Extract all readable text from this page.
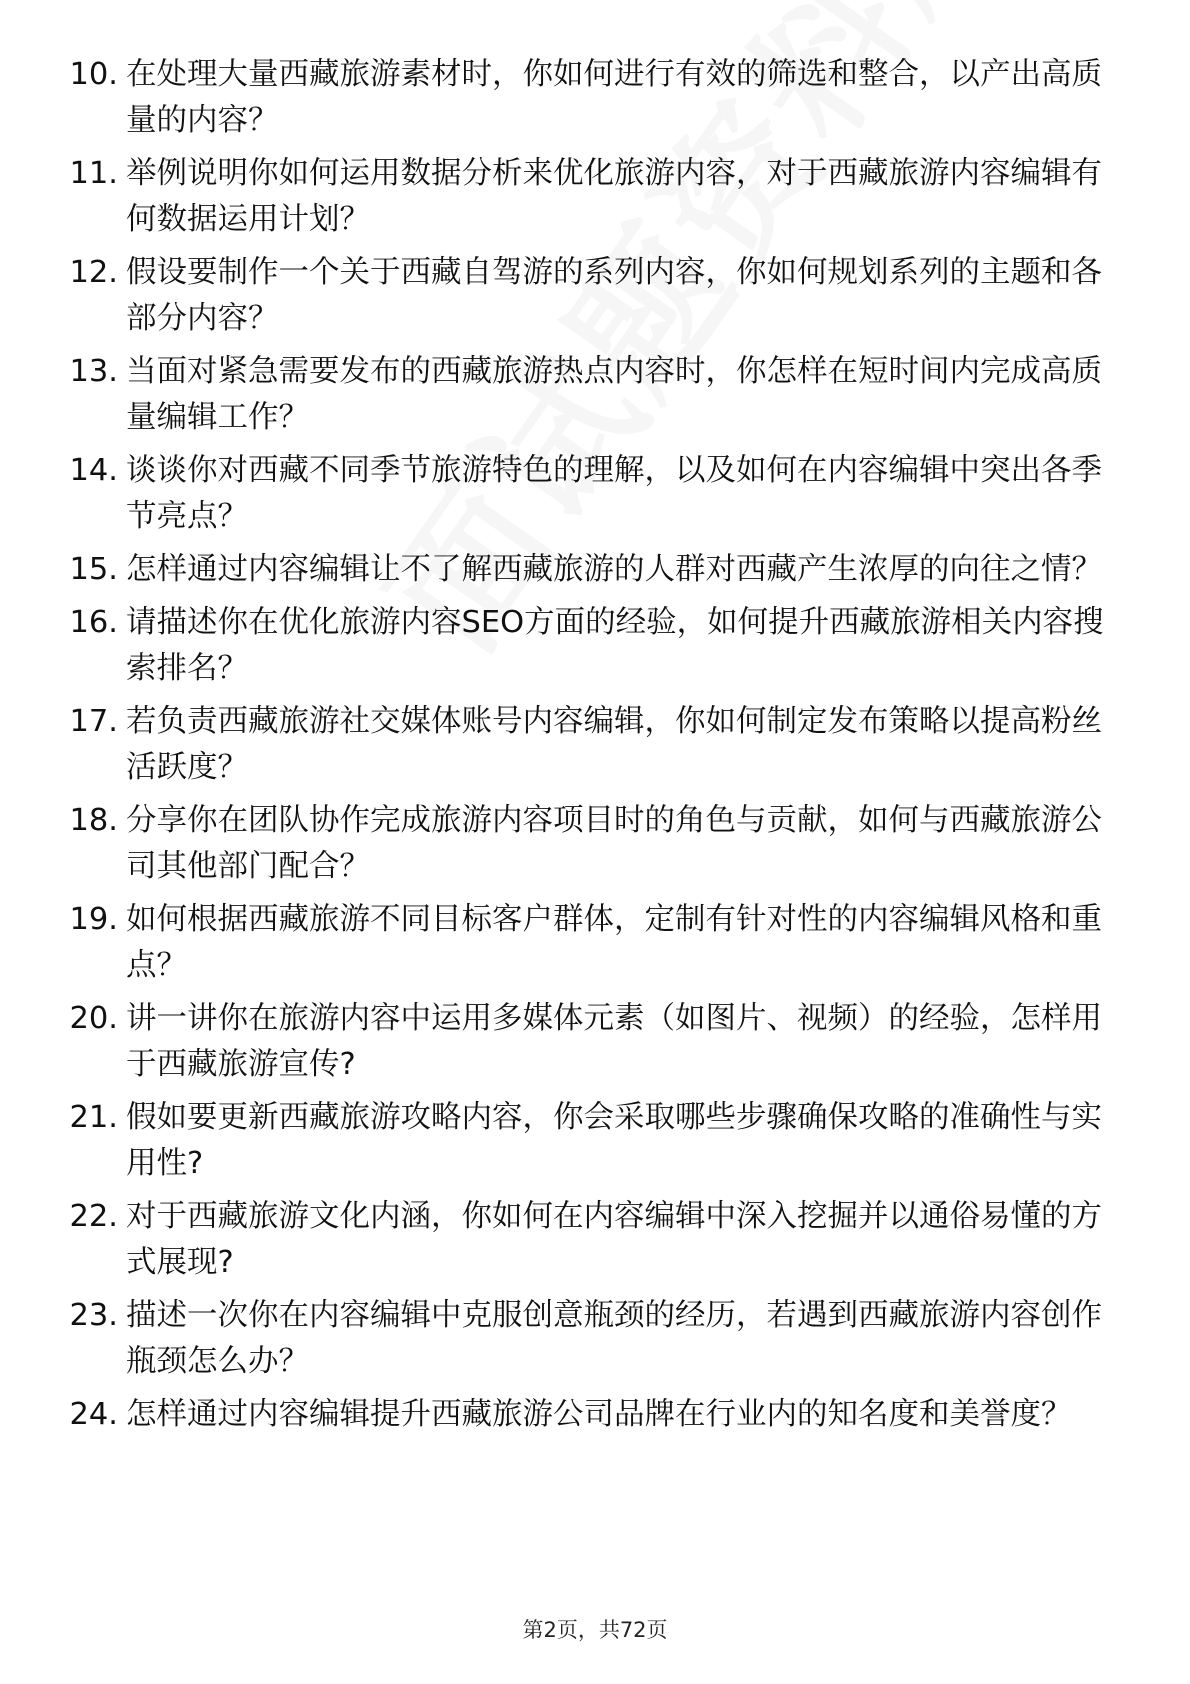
10. 在处理大量西藏旅游素材时，你如何进行有效的筛选和整合，以产出高质量的内容？
11. 举例说明你如何运用数据分析来优化旅游内容，对于西藏旅游内容编辑有何数据运用计划？
12. 假设要制作一个关于西藏自驾游的系列内容，你如何规划系列的主题和各部分内容？
13. 当面对紧急需要发布的西藏旅游热点内容时，你怎样在短时间内完成高质量编辑工作？
14. 谈谈你对西藏不同季节旅游特色的理解，以及如何在内容编辑中突出各季节亮点？
15. 怎样通过内容编辑让不了解西藏旅游的人群对西藏产生浓厚的向往之情？
16. 请描述你在优化旅游内容SEO方面的经验，如何提升西藏旅游相关内容搜索排名？
17. 若负责西藏旅游社交媒体账号内容编辑，你如何制定发布策略以提高粉丝活跃度？
18. 分享你在团队协作完成旅游内容项目时的角色与贡献，如何与西藏旅游公司其他部门配合？
19. 如何根据西藏旅游不同目标客户群体，定制有针对性的内容编辑风格和重点？
20. 讲一讲你在旅游内容中运用多媒体元素（如图片、视频）的经验，怎样用于西藏旅游宣传?
21. 假如要更新西藏旅游攻略内容，你会采取哪些步骤确保攻略的准确性与实用性?
22. 对于西藏旅游文化内涵，你如何在内容编辑中深入挖掘并以通俗易懂的方式展现?
23. 描述一次你在内容编辑中克服创意瓶颈的经历，若遇到西藏旅游内容创作瓶颈怎么办？
24. 怎样通过内容编辑提升西藏旅游公司品牌在行业内的知名度和美誉度？
第2页，共72页
